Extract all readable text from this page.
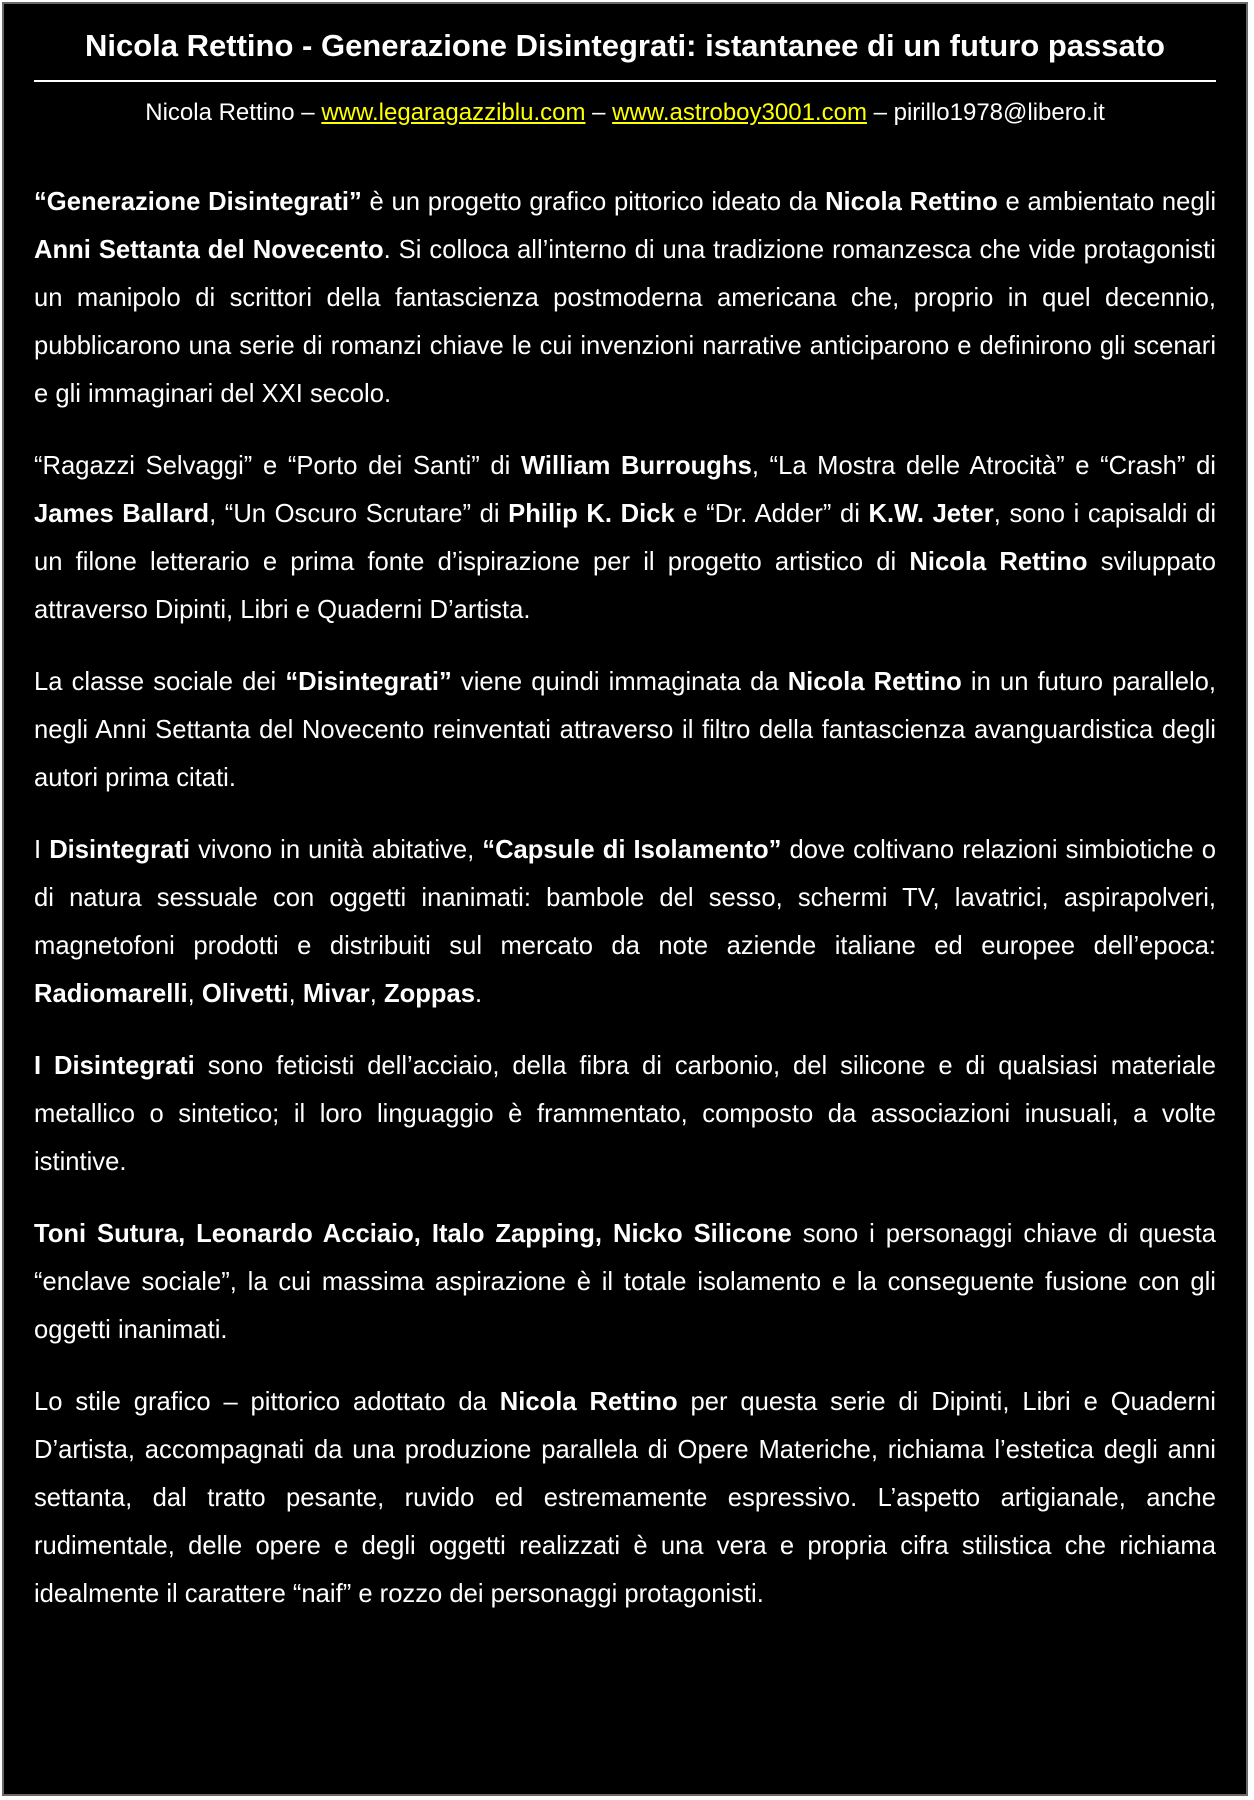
Nicola Rettino - Generazione Disintegrati: istantanee di un futuro passato
Nicola Rettino – www.legaragazziblu.com – www.astroboy3001.com – pirillo1978@libero.it

“Generazione Disintegrati” è un progetto grafico pittorico ideato da Nicola Rettino e ambientato negli Anni Settanta del Novecento. Si colloca all’interno di una tradizione romanzesca che vide protagonisti un manipolo di scrittori della fantascienza postmoderna americana che, proprio in quel decennio, pubblicarono una serie di romanzi chiave le cui invenzioni narrative anticiparono e definirono gli scenari e gli immaginari del XXI secolo.

“Ragazzi Selvaggi” e “Porto dei Santi” di William Burroughs, “La Mostra delle Atrocità” e “Crash” di James Ballard, “Un Oscuro Scrutare” di Philip K. Dick e “Dr. Adder” di K.W. Jeter, sono i capisaldi di un filone letterario e prima fonte d’ispirazione per il progetto artistico di Nicola Rettino sviluppato attraverso Dipinti, Libri e Quaderni D’artista.

La classe sociale dei “Disintegrati” viene quindi immaginata da Nicola Rettino in un futuro parallelo, negli Anni Settanta del Novecento reinventati attraverso il filtro della fantascienza avanguardistica degli autori prima citati.

I Disintegrati vivono in unità abitative, “Capsule di Isolamento” dove coltivano relazioni simbiotiche o di natura sessuale con oggetti inanimati: bambole del sesso, schermi TV, lavatrici, aspirapolveri, magnetofoni prodotti e distribuiti sul mercato da note aziende italiane ed europee dell’epoca: Radiomarelli, Olivetti, Mivar, Zoppas.

I Disintegrati sono feticisti dell’acciaio, della fibra di carbonio, del silicone e di qualsiasi materiale metallico o sintetico; il loro linguaggio è frammentato, composto da associazioni inusuali, a volte istintive.

Toni Sutura, Leonardo Acciaio, Italo Zapping, Nicko Silicone sono i personaggi chiave di questa “enclave sociale”, la cui massima aspirazione è il totale isolamento e la conseguente fusione con gli oggetti inanimati.

Lo stile grafico – pittorico adottato da Nicola Rettino per questa serie di Dipinti, Libri e Quaderni D’artista, accompagnati da una produzione parallela di Opere Materiche, richiama l’estetica degli anni settanta, dal tratto pesante, ruvido ed estremamente espressivo. L’aspetto artigianale, anche rudimentale, delle opere e degli oggetti realizzati è una vera e propria cifra stilistica che richiama idealmente il carattere “naif” e rozzo dei personaggi protagonisti.
